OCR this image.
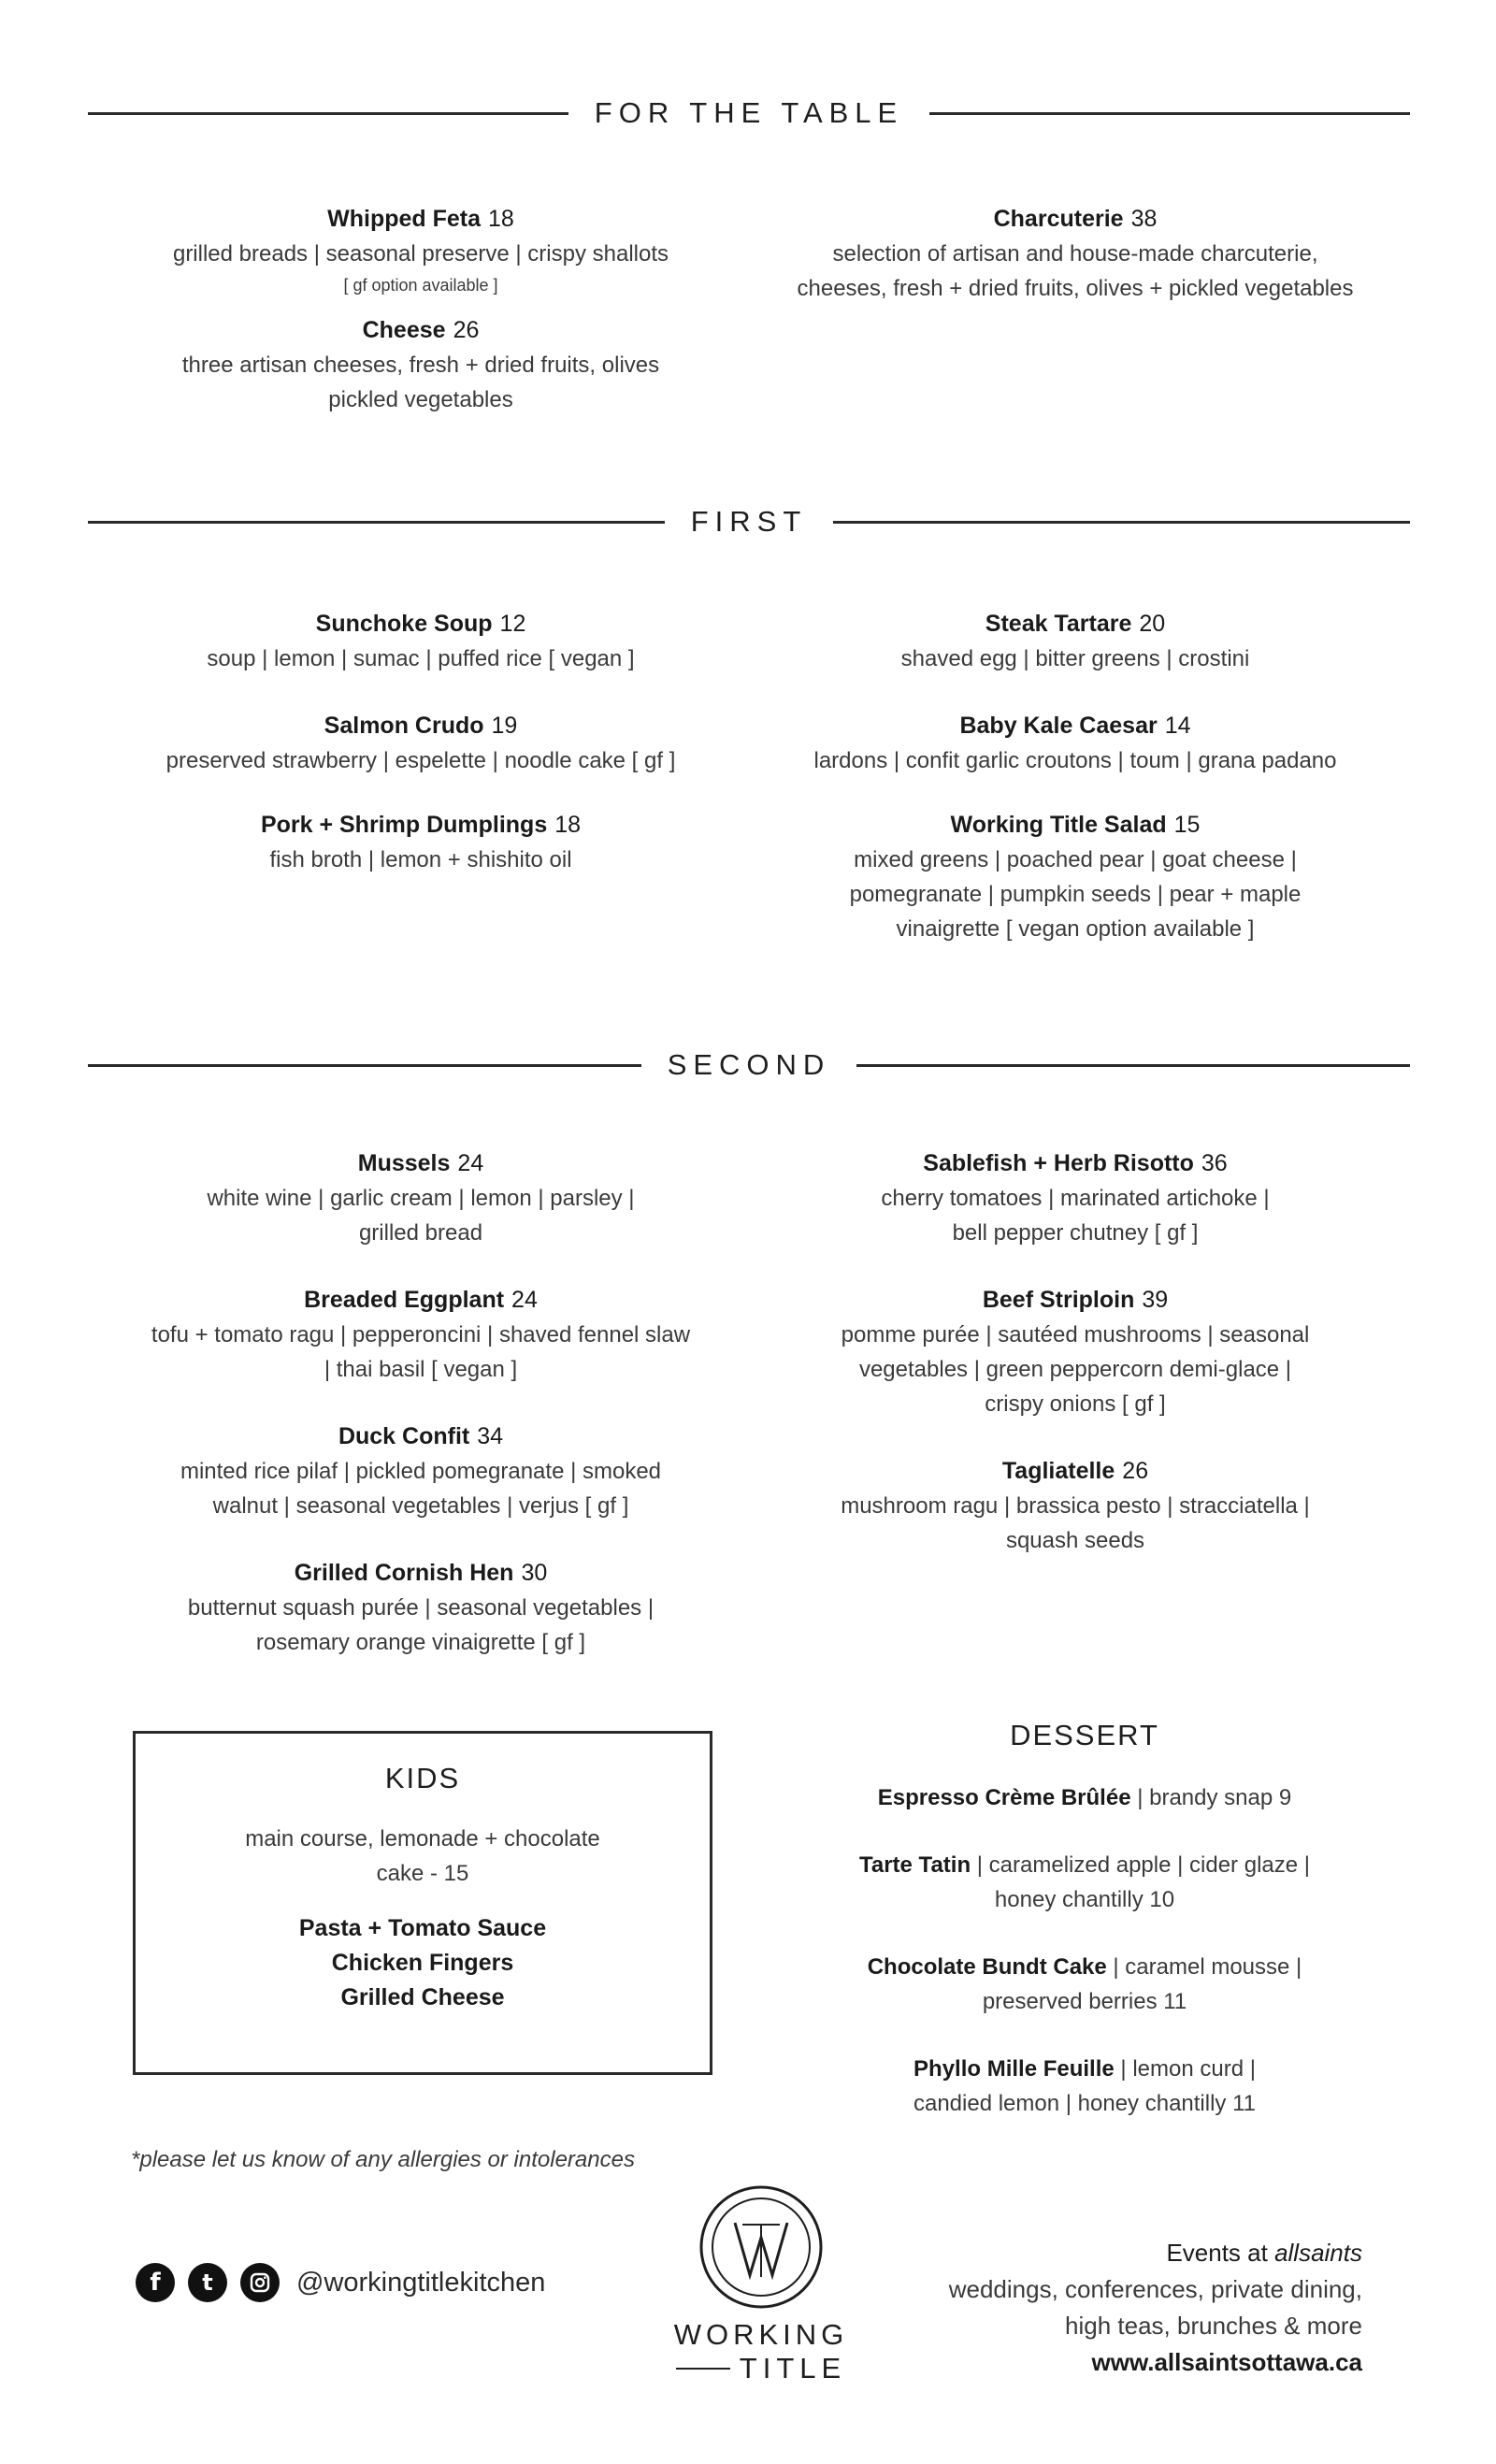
FOR THE TABLE
Whipped Feta 18
grilled breads | seasonal preserve | crispy shallots
[ gf option available ]
Cheese 26
three artisan cheeses, fresh + dried fruits, olives
pickled vegetables
Charcuterie 38
selection of artisan and house-made charcuterie,
cheeses, fresh + dried fruits, olives + pickled vegetables
FIRST
Sunchoke Soup 12
soup | lemon | sumac | puffed rice [ vegan ]
Salmon Crudo 19
preserved strawberry | espelette | noodle cake [ gf ]
Pork + Shrimp Dumplings 18
fish broth | lemon + shishito oil
Steak Tartare 20
shaved egg | bitter greens | crostini
Baby Kale Caesar 14
lardons | confit garlic croutons | toum | grana padano
Working Title Salad 15
mixed greens | poached pear | goat cheese |
pomegranate | pumpkin seeds | pear + maple
vinaigrette [ vegan option available ]
SECOND
Mussels 24
white wine | garlic cream | lemon | parsley |
grilled bread
Breaded Eggplant 24
tofu + tomato ragu | pepperoncini | shaved fennel slaw
| thai basil [ vegan ]
Duck Confit 34
minted rice pilaf | pickled pomegranate | smoked
walnut | seasonal vegetables | verjus [ gf ]
Grilled Cornish Hen 30
butternut squash purée | seasonal vegetables |
rosemary orange vinaigrette [ gf ]
Sablefish + Herb Risotto 36
cherry tomatoes | marinated artichoke |
bell pepper chutney [ gf ]
Beef Striploin 39
pomme purée | sautéed mushrooms | seasonal
vegetables | green peppercorn demi-glace |
crispy onions [ gf ]
Tagliatelle 26
mushroom ragu | brassica pesto | stracciatella |
squash seeds
KIDS
main course, lemonade + chocolate
cake - 15
Pasta + Tomato Sauce
Chicken Fingers
Grilled Cheese
DESSERT
Espresso Crème Brûlée | brandy snap 9
Tarte Tatin | caramelized apple | cider glaze |
honey chantilly 10
Chocolate Bundt Cake | caramel mousse |
preserved berries 11
Phyllo Mille Feuille | lemon curd |
candied lemon | honey chantilly 11
*please let us know of any allergies or intolerances
f	t	@workingtitlekitchen
WORKING
TITLE
Events at allsaints
weddings, conferences, private dining,
high teas, brunches & more
www.allsaintsottawa.ca
